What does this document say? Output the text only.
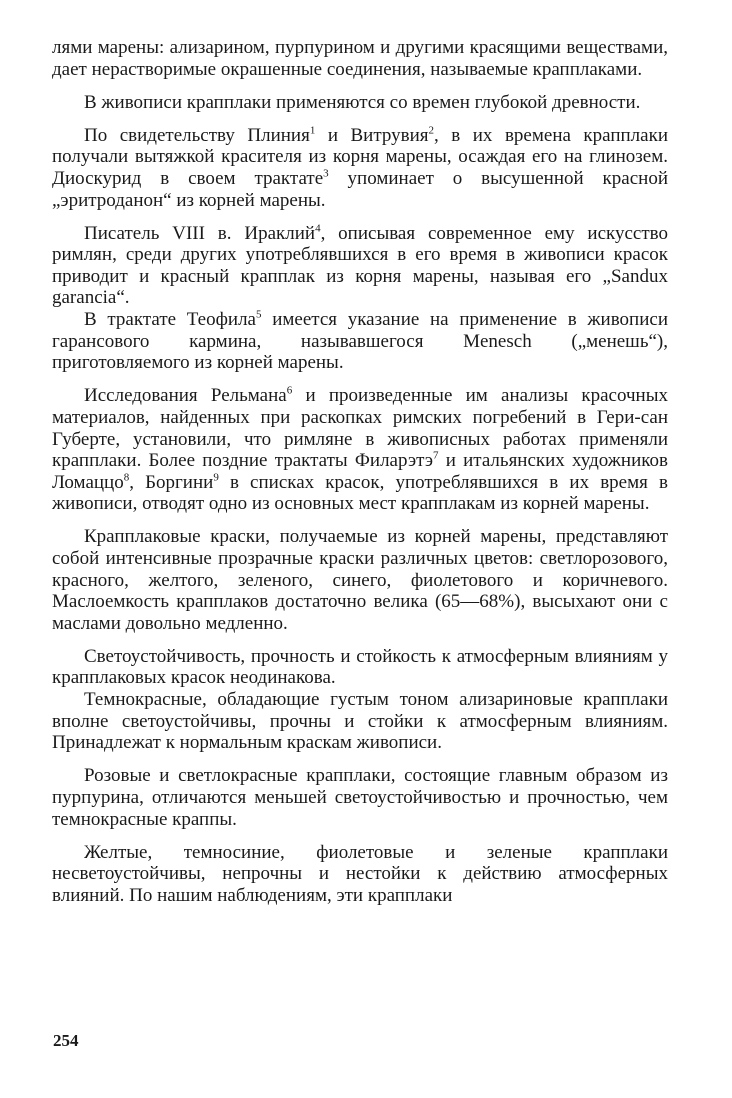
лями марены: ализарином, пурпурином и другими красящими веществами, дает нерастворимые окрашенные соединения, называемые крапплаками.

В живописи крапплаки применяются со времен глубокой древности.

По свидетельству Плиния$^1$ и Витрувия$^2$, в их времена крапплаки получали вытяжкой красителя из корня марены, осаждая его на глинозем. Диоскурид в своем трактате$^3$ упоминает о высушенной красной „эритроданон“ из корней марены.

Писатель VIII в. Ираклий$^4$, описывая современное ему искусство римлян, среди других употреблявшихся в его время в живописи красок приводит и красный крапплак из корня марены, называя его „Sandux garancia“.

В трактате Теофила$^5$ имеется указание на применение в живописи гарансового кармина, называвшегося Menesch („менешь“), приготовляемого из корней марены.

Исследования Рельмана$^6$ и произведенные им анализы красочных материалов, найденных при раскопках римских погребений в Гери-сан Губерте, установили, что римляне в живописных работах применяли крапплаки. Более поздние трактаты Филарэтэ$^7$ и итальянских художников Ломаццо$^8$, Боргини$^9$ в списках красок, употреблявшихся в их время в живописи, отводят одно из основных мест крапплакам из корней марены.

Крапплаковые краски, получаемые из корней марены, представляют собой интенсивные прозрачные краски различных цветов: светлорозового, красного, желтого, зеленого, синего, фиолетового и коричневого. Маслоемкость крапплаков достаточно велика (65—68%), высыхают они с маслами довольно медленно.

Светоустойчивость, прочность и стойкость к атмосферным влияниям у крапплаковых красок неодинакова.

Темнокрасные, обладающие густым тоном ализариновые крапплаки вполне светоустойчивы, прочны и стойки к атмосферным влияниям. Принадлежат к нормальным краскам живописи.

Розовые и светлокрасные крапплаки, состоящие главным образом из пурпурина, отличаются меньшей светоустойчивостью и прочностью, чем темнокрасные краппы.

Желтые, темносиние, фиолетовые и зеленые крапплаки несветоустойчивы, непрочны и нестойки к действию атмосферных влияний. По нашим наблюдениям, эти крапплаки

254
